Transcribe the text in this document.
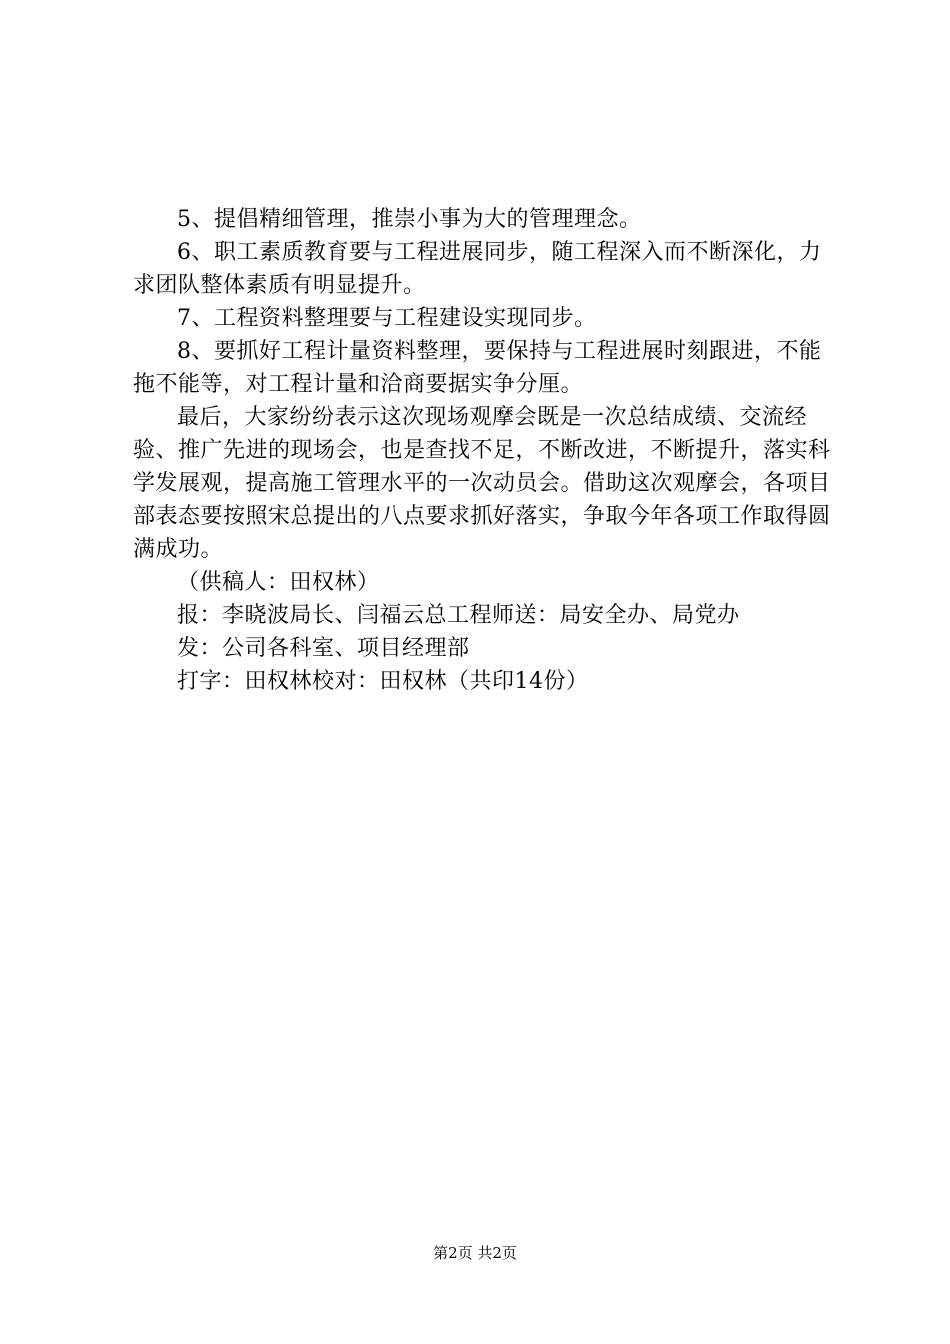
5、提倡精细管理，推崇小事为大的管理理念。

6、职工素质教育要与工程进展同步，随工程深入而不断深化，力求团队整体素质有明显提升。

7、工程资料整理要与工程建设实现同步。

8、要抓好工程计量资料整理，要保持与工程进展时刻跟进，不能拖不能等，对工程计量和洽商要据实争分厘。

最后，大家纷纷表示这次现场观摩会既是一次总结成绩、交流经验、推广先进的现场会，也是查找不足，不断改进，不断提升，落实科学发展观，提高施工管理水平的一次动员会。借助这次观摩会，各项目部表态要按照宋总提出的八点要求抓好落实，争取今年各项工作取得圆满成功。

（供稿人：田权林）

报：李晓波局长、闫福云总工程师送：局安全办、局党办

发：公司各科室、项目经理部

打字：田权林校对：田权林（共印14份）

第2页 共2页
